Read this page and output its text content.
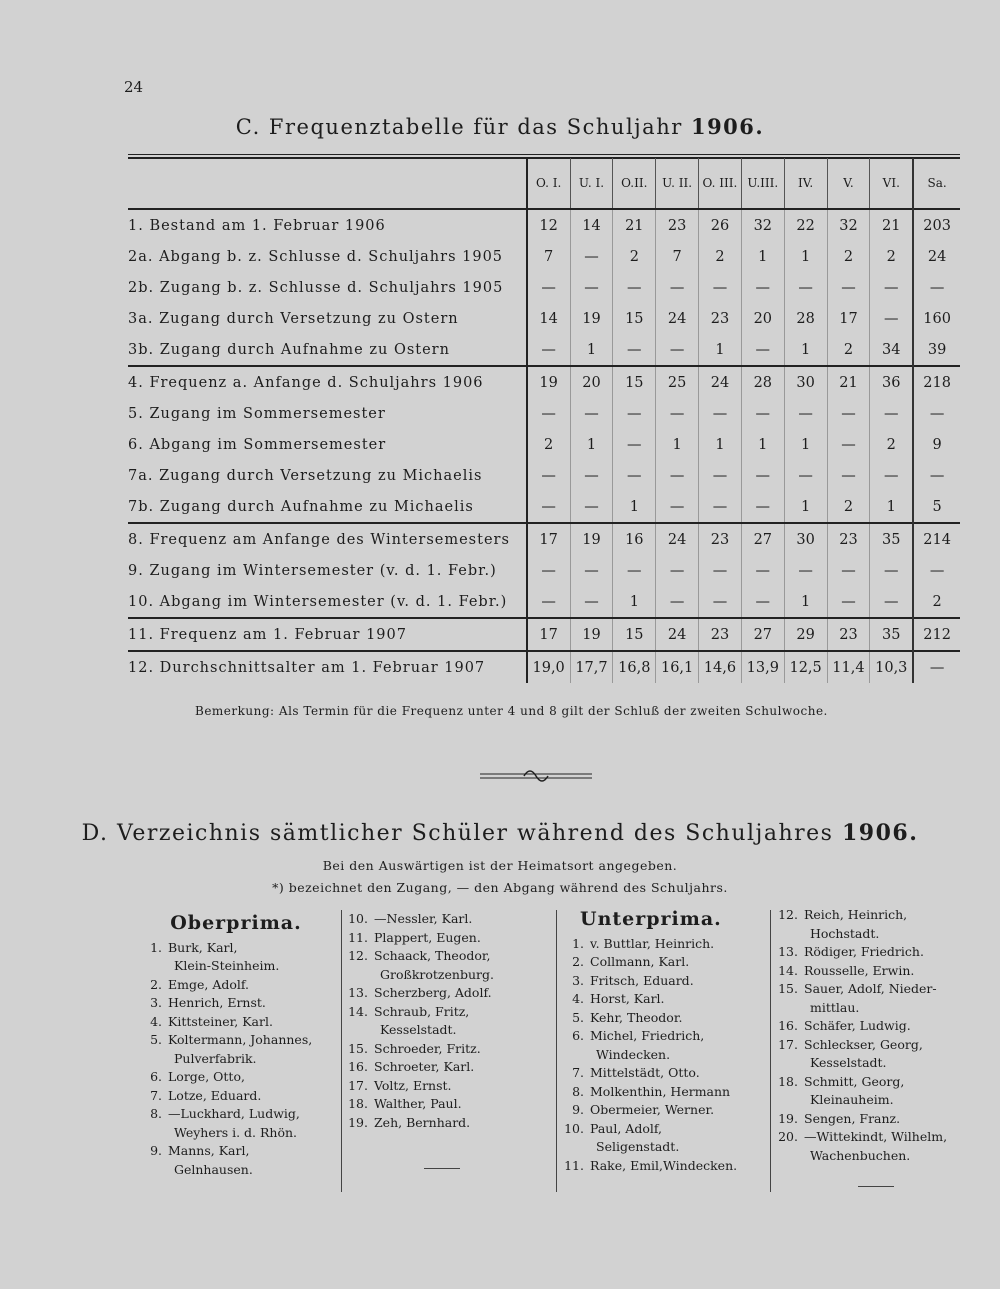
24
C. Frequenztabelle für das Schuljahr 1906.
	O. I.	U. I.	O.II.	U. II.	O. III.	U.III.	IV.	V.	VI.	Sa.
1. Bestand am 1. Februar 1906	12	14	21	23	26	32	22	32	21	203
2a. Abgang b. z. Schlusse d. Schuljahrs 1905	7	—	2	7	2	1	1	2	2	24
2b. Zugang b. z. Schlusse d. Schuljahrs 1905	—	—	—	—	—	—	—	—	—	—
3a. Zugang durch Versetzung zu Ostern	14	19	15	24	23	20	28	17	—	160
3b. Zugang durch Aufnahme zu Ostern	—	1	—	—	1	—	1	2	34	39
4. Frequenz a. Anfange d. Schuljahrs 1906	19	20	15	25	24	28	30	21	36	218
5. Zugang im Sommersemester	—	—	—	—	—	—	—	—	—	—
6. Abgang im Sommersemester	2	1	—	1	1	1	1	—	2	9
7a. Zugang durch Versetzung zu Michaelis	—	—	—	—	—	—	—	—	—	—
7b. Zugang durch Aufnahme zu Michaelis	—	—	1	—	—	—	1	2	1	5
8. Frequenz am Anfange des Wintersemesters	17	19	16	24	23	27	30	23	35	214
9. Zugang im Wintersemester (v. d. 1. Febr.)	—	—	—	—	—	—	—	—	—	—
10. Abgang im Wintersemester (v. d. 1. Febr.)	—	—	1	—	—	—	1	—	—	2
11. Frequenz am 1. Februar 1907	17	19	15	24	23	27	29	23	35	212
12. Durchschnittsalter am 1. Februar 1907	19,0	17,7	16,8	16,1	14,6	13,9	12,5	11,4	10,3	—
Bemerkung: Als Termin für die Frequenz unter 4 und 8 gilt der Schluß der zweiten Schulwoche.
D. Verzeichnis sämtlicher Schüler während des Schuljahres 1906.
Bei den Auswärtigen ist der Heimatsort angegeben.
*) bezeichnet den Zugang, — den Abgang während des Schuljahrs.
Oberprima.
1. Burk, Karl,
Klein-Steinheim.
2. Emge, Adolf.
3. Henrich, Ernst.
4. Kittsteiner, Karl.
5. Koltermann, Johannes,
Pulverfabrik.
6. Lorge, Otto,
7. Lotze, Eduard.
8. —Luckhard, Ludwig,
Weyhers i. d. Rhön.
9. Manns, Karl,
Gelnhausen.
10. —Nessler, Karl.
11. Plappert, Eugen.
12. Schaack, Theodor,
Großkrotzenburg.
13. Scherzberg, Adolf.
14. Schraub, Fritz,
Kesselstadt.
15. Schroeder, Fritz.
16. Schroeter, Karl.
17. Voltz, Ernst.
18. Walther, Paul.
19. Zeh, Bernhard.
Unterprima.
1. v. Buttlar, Heinrich.
2. Collmann, Karl.
3. Fritsch, Eduard.
4. Horst, Karl.
5. Kehr, Theodor.
6. Michel, Friedrich,
Windecken.
7. Mittelstädt, Otto.
8. Molkenthin, Hermann
9. Obermeier, Werner.
10. Paul, Adolf,
Seligenstadt.
11. Rake, Emil,Windecken.
12. Reich, Heinrich,
Hochstadt.
13. Rödiger, Friedrich.
14. Rousselle, Erwin.
15. Sauer, Adolf, Nieder-
mittlau.
16. Schäfer, Ludwig.
17. Schleckser, Georg,
Kesselstadt.
18. Schmitt, Georg,
Kleinauheim.
19. Sengen, Franz.
20. —Wittekindt, Wilhelm,
Wachenbuchen.
